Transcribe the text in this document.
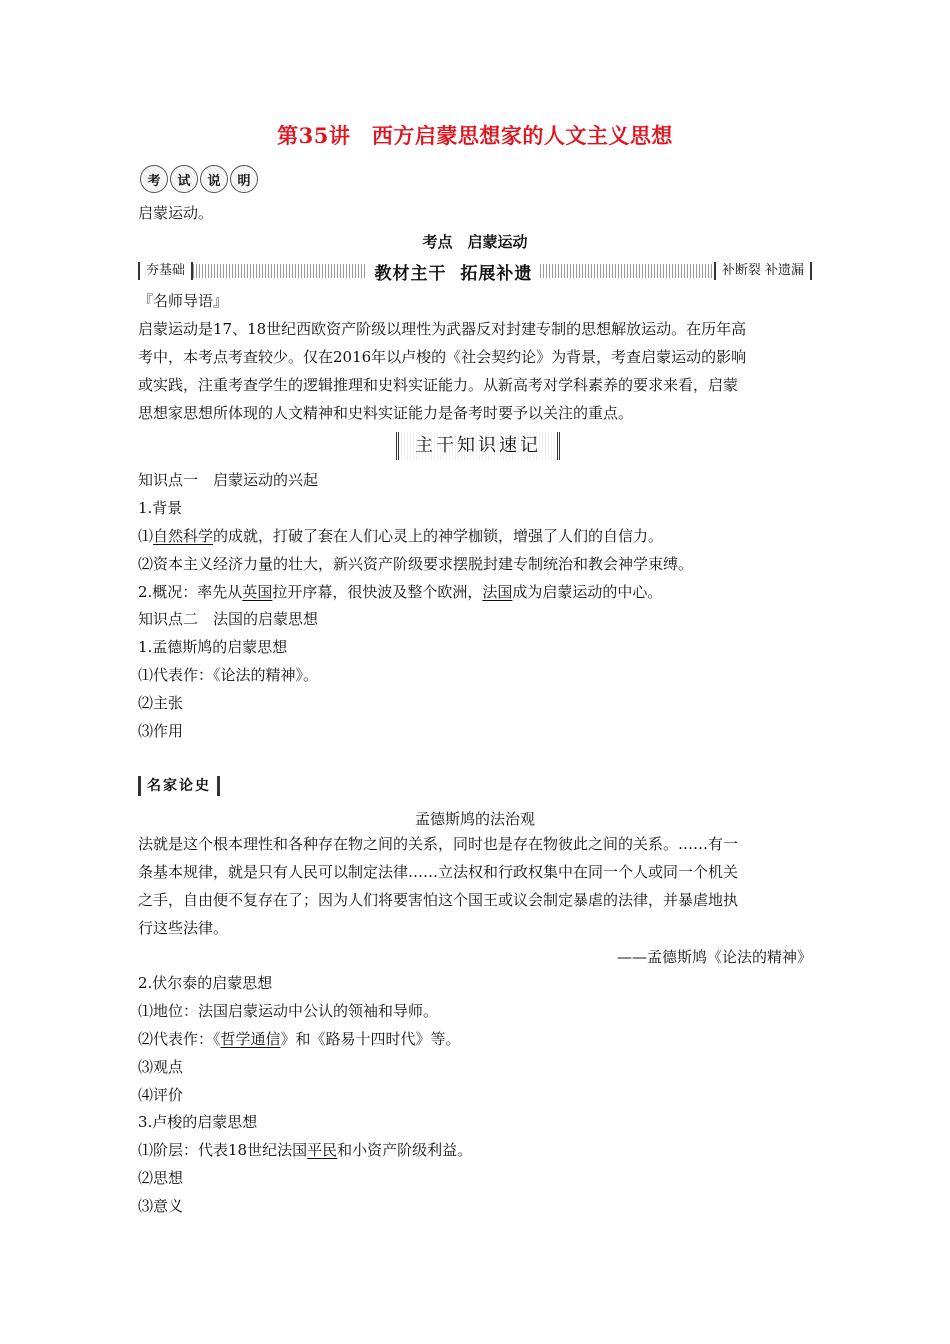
第35讲　西方启蒙思想家的人文主义思想
考	试	说	明
启蒙运动。
考点　启蒙运动
夯基础	教材主干  拓展补遗	补断裂 补遗漏
『名师导语』
启蒙运动是17、18世纪西欧资产阶级以理性为武器反对封建专制的思想解放运动。在历年高
考中，本考点考查较少。仅在2016年以卢梭的《社会契约论》为背景，考查启蒙运动的影响
或实践，注重考查学生的逻辑推理和史料实证能力。从新高考对学科素养的要求来看，启蒙
思想家思想所体现的人文精神和史料实证能力是备考时要予以关注的重点。
主干知识速记
知识点一　启蒙运动的兴起
1.背景
⑴自然科学的成就，打破了套在人们心灵上的神学枷锁，增强了人们的自信力。
⑵资本主义经济力量的壮大，新兴资产阶级要求摆脱封建专制统治和教会神学束缚。
2.概况：率先从英国拉开序幕，很快波及整个欧洲，法国成为启蒙运动的中心。
知识点二　法国的启蒙思想
1.孟德斯鸠的启蒙思想
⑴代表作：《论法的精神》。
⑵主张
⑶作用
名家论史
孟德斯鸠的法治观
法就是这个根本理性和各种存在物之间的关系，同时也是存在物彼此之间的关系。……有一
条基本规律，就是只有人民可以制定法律……立法权和行政权集中在同一个人或同一个机关
之手，自由便不复存在了；因为人们将要害怕这个国王或议会制定暴虐的法律，并暴虐地执
行这些法律。
——孟德斯鸠《论法的精神》
2.伏尔泰的启蒙思想
⑴地位：法国启蒙运动中公认的领袖和导师。
⑵代表作：《哲学通信》和《路易十四时代》等。
⑶观点
⑷评价
3.卢梭的启蒙思想
⑴阶层：代表18世纪法国平民和小资产阶级利益。
⑵思想
⑶意义
